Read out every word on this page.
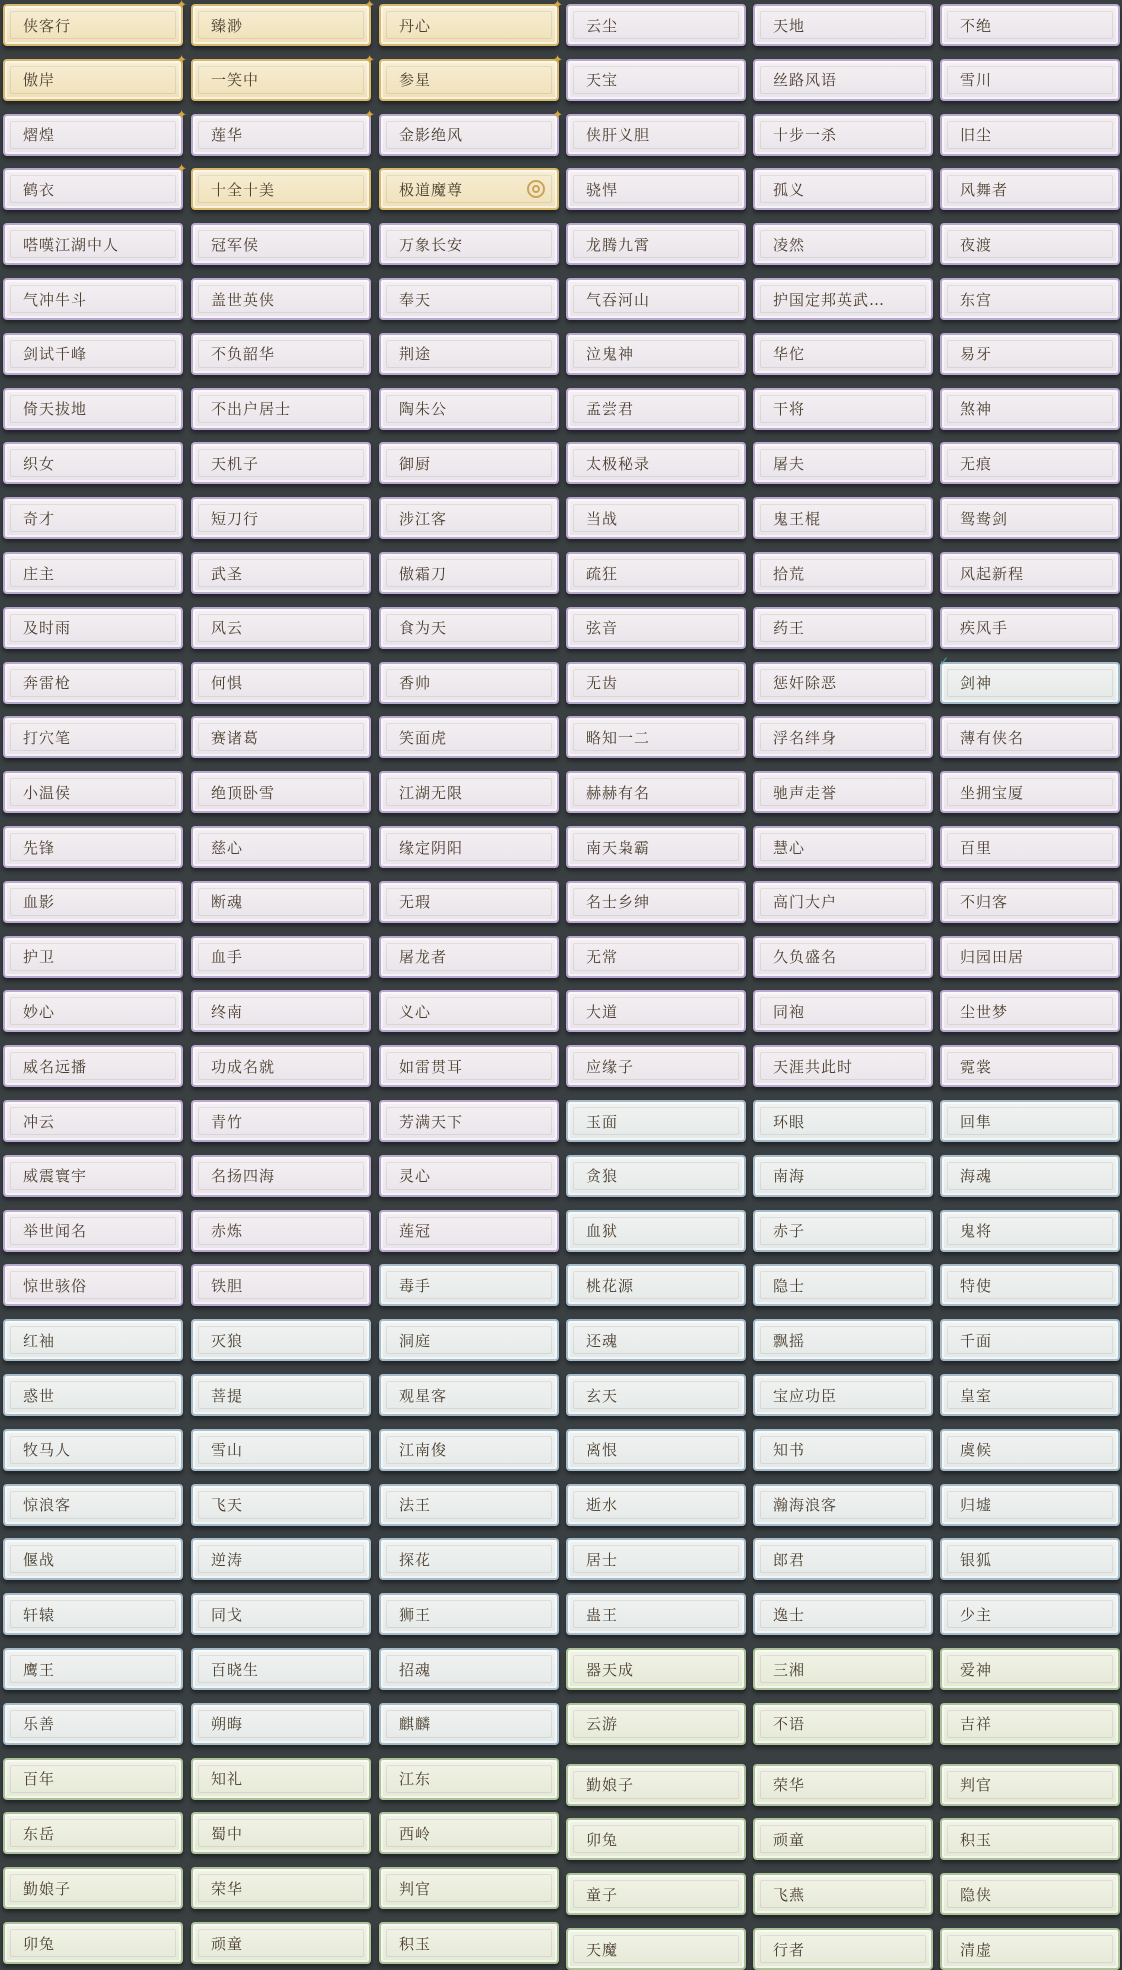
侠客行
✦
傲岸
✦
熠煌
✦
鹤衣
✦
嗒嘆江湖中人
气冲牛斗
剑试千峰
倚天拔地
织女
奇才
庄主
及时雨
奔雷枪
打穴笔
小温侯
先锋
血影
护卫
妙心
威名远播
冲云
威震寰宇
举世闻名
惊世骇俗
红袖
惑世
牧马人
惊浪客
偃战
轩辕
鹰王
乐善
百年
东岳
勤娘子
卯兔
臻渺
✦
一笑中
✦
莲华
✦
十全十美
冠军侯
盖世英侠
不负韶华
不出户居士
天机子
短刀行
武圣
风云
何惧
赛诸葛
绝顶卧雪
慈心
断魂
血手
终南
功成名就
青竹
名扬四海
赤炼
铁胆
灭狼
菩提
雪山
飞天
逆涛
同戈
百晓生
朔晦
知礼
蜀中
荣华
顽童
丹心
✦
参星
✦
金影绝风
✦
极道魔尊
万象长安
奉天
荆途
陶朱公
御厨
涉江客
傲霜刀
食为天
香帅
笑面虎
江湖无限
缘定阴阳
无瑕
屠龙者
义心
如雷贯耳
芳满天下
灵心
莲冠
毒手
洞庭
观星客
江南俊
法王
探花
狮王
招魂
麒麟
江东
西岭
判官
积玉
云尘
天宝
侠肝义胆
骁悍
龙腾九霄
气吞河山
泣鬼神
孟尝君
太极秘录
当战
疏狂
弦音
无齿
略知一二
赫赫有名
南天枭霸
名士乡绅
无常
大道
应缘子
玉面
贪狼
血狱
桃花源
还魂
玄天
离恨
逝水
居士
蛊王
器天成
云游
勤娘子
卯兔
童子
天魔
天地
丝路风语
十步一杀
孤义
凌然
护国定邦英武…
华佗
干将
屠夫
鬼王棍
拾荒
药王
惩奸除恶
浮名绊身
驰声走誉
慧心
高门大户
久负盛名
同袍
天涯共此时
环眼
南海
赤子
隐士
飘摇
宝应功臣
知书
瀚海浪客
郎君
逸士
三湘
不语
荣华
顽童
飞燕
行者
不绝
雪川
旧尘
风舞者
夜渡
东宫
易牙
煞神
无痕
鸳鸯剑
风起新程
疾风手
剑神
✓
薄有侠名
坐拥宝厦
百里
不归客
归园田居
尘世梦
霓裳
回隼
海魂
鬼将
特使
千面
皇室
虞候
归墟
银狐
少主
爱神
吉祥
判官
积玉
隐侠
清虚
